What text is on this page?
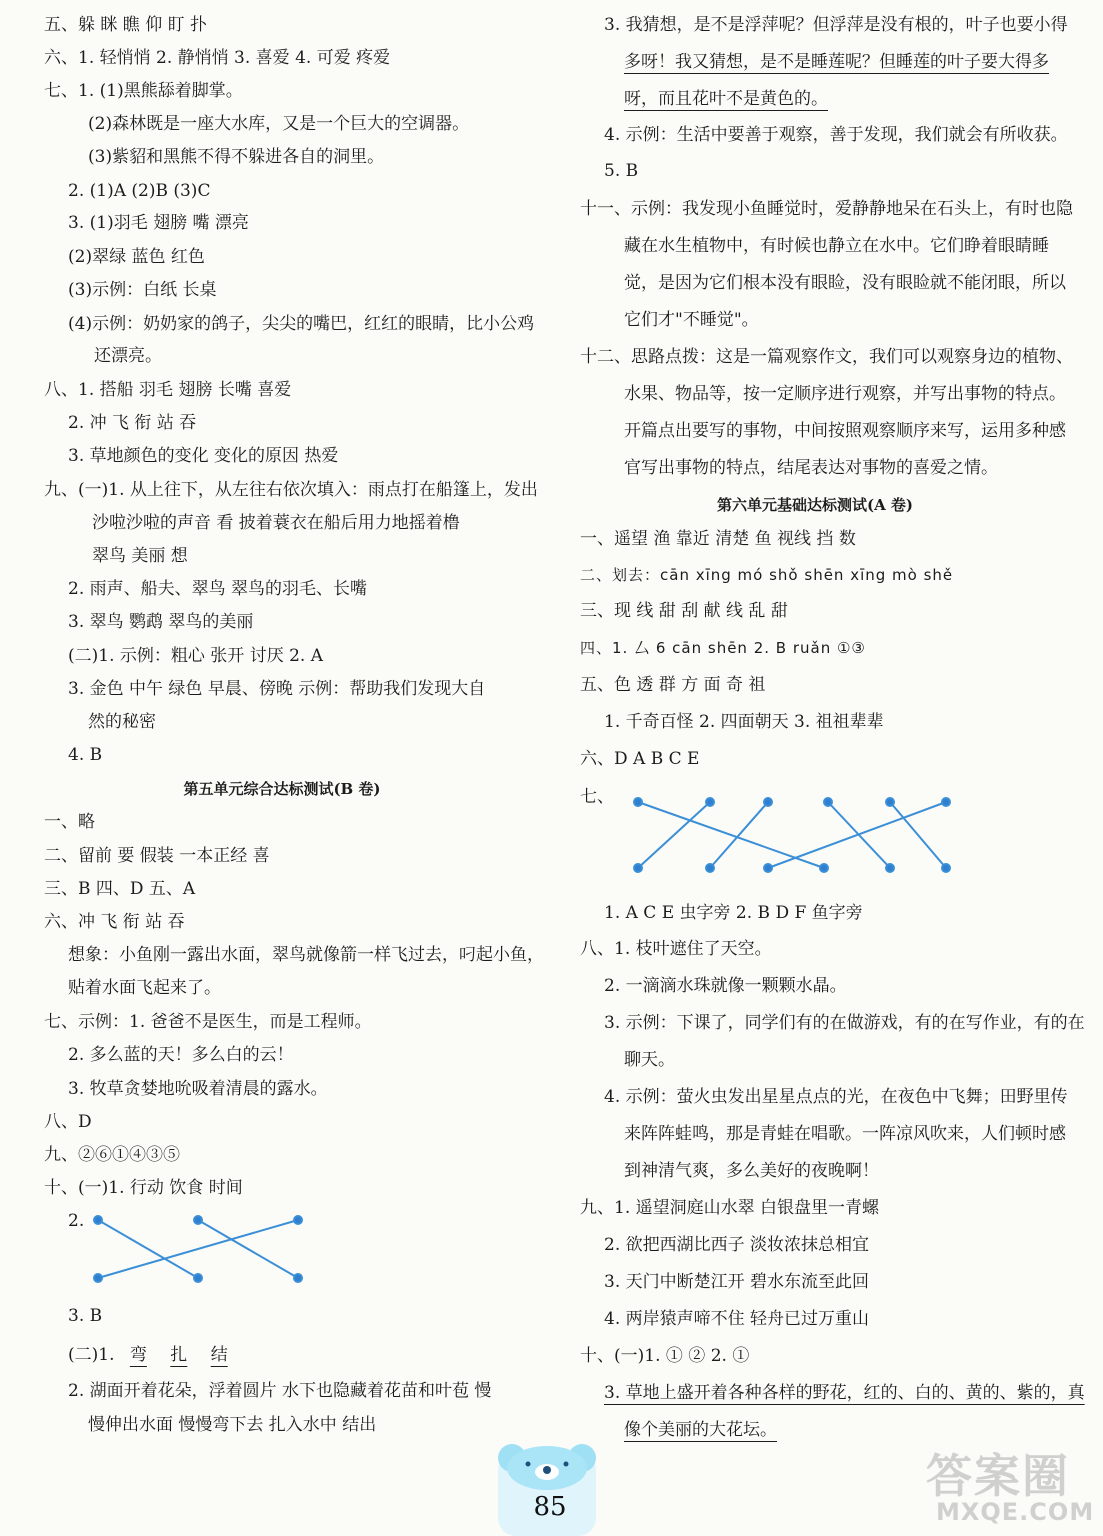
五、躲 眯 瞧 仰 盯 扑
六、1. 轻悄悄 2. 静悄悄 3. 喜爱 4. 可爱 疼爱
七、1. (1)黑熊舔着脚掌。
(2)森林既是一座大水库，又是一个巨大的空调器。
(3)紫貂和黑熊不得不躲进各自的洞里。
2. (1)A (2)B (3)C
3. (1)羽毛 翅膀 嘴 漂亮
(2)翠绿 蓝色 红色
(3)示例：白纸 长桌
(4)示例：奶奶家的鸽子，尖尖的嘴巴，红红的眼睛，比小公鸡
还漂亮。
八、1. 搭船 羽毛 翅膀 长嘴 喜爱
2. 冲 飞 衔 站 吞
3. 草地颜色的变化 变化的原因 热爱
九、(一)1. 从上往下，从左往右依次填入：雨点打在船篷上，发出
沙啦沙啦的声音 看 披着蓑衣在船后用力地摇着橹
翠鸟 美丽 想
2. 雨声、船夫、翠鸟 翠鸟的羽毛、长嘴
3. 翠鸟 鹦鹉 翠鸟的美丽
(二)1. 示例：粗心 张开 讨厌 2. A
3. 金色 中午 绿色 早晨、傍晚 示例：帮助我们发现大自
然的秘密
4. B
第五单元综合达标测试(B 卷)
一、略
二、留前 要 假装 一本正经 喜
三、B 四、D 五、A
六、冲 飞 衔 站 吞
想象：小鱼刚一露出水面，翠鸟就像箭一样飞过去，叼起小鱼，
贴着水面飞起来了。
七、示例：1. 爸爸不是医生，而是工程师。
2. 多么蓝的天！多么白的云！
3. 牧草贪婪地吮吸着清晨的露水。
八、D
九、②⑥①④③⑤
十、(一)1. 行动 饮食 时间
2.
3. B
(二)1. 弯 扎 结
2. 湖面开着花朵，浮着圆片 水下也隐藏着花苗和叶苞 慢
慢伸出水面 慢慢弯下去 扎入水中 结出
3. 我猜想，是不是浮萍呢？但浮萍是没有根的，叶子也要小得
多呀！我又猜想，是不是睡莲呢？但睡莲的叶子要大得多
呀，而且花叶不是黄色的。
4. 示例：生活中要善于观察，善于发现，我们就会有所收获。
5. B
十一、示例：我发现小鱼睡觉时，爱静静地呆在石头上，有时也隐
藏在水生植物中，有时候也静立在水中。它们睁着眼睛睡
觉，是因为它们根本没有眼睑，没有眼睑就不能闭眼，所以
它们才"不睡觉"。
十二、思路点拨：这是一篇观察作文，我们可以观察身边的植物、
水果、物品等，按一定顺序进行观察，并写出事物的特点。
开篇点出要写的事物，中间按照观察顺序来写，运用多种感
官写出事物的特点，结尾表达对事物的喜爱之情。
第六单元基础达标测试(A 卷)
一、遥望 渔 靠近 清楚 鱼 视线 挡 数
二、划去：cān xīng mó shǒ shēn xīng mò shě
三、现 线 甜 刮 献 线 乱 甜
四、1. 厶 6 cān shēn 2. B ruǎn ①③
五、色 透 群 方 面 奇 祖
1. 千奇百怪 2. 四面朝天 3. 祖祖辈辈
六、D A B C E
七、
1. A C E 虫字旁 2. B D F 鱼字旁
八、1. 枝叶遮住了天空。
2. 一滴滴水珠就像一颗颗水晶。
3. 示例：下课了，同学们有的在做游戏，有的在写作业，有的在
聊天。
4. 示例：萤火虫发出星星点点的光，在夜色中飞舞；田野里传
来阵阵蛙鸣，那是青蛙在唱歌。一阵凉风吹来，人们顿时感
到神清气爽，多么美好的夜晚啊！
九、1. 遥望洞庭山水翠 白银盘里一青螺
2. 欲把西湖比西子 淡妆浓抹总相宜
3. 天门中断楚江开 碧水东流至此回
4. 两岸猿声啼不住 轻舟已过万重山
十、(一)1. ① ② 2. ①
3. 草地上盛开着各种各样的野花，红的、白的、黄的、紫的，真
像个美丽的大花坛。
85
答案圈
MXQE.COM
